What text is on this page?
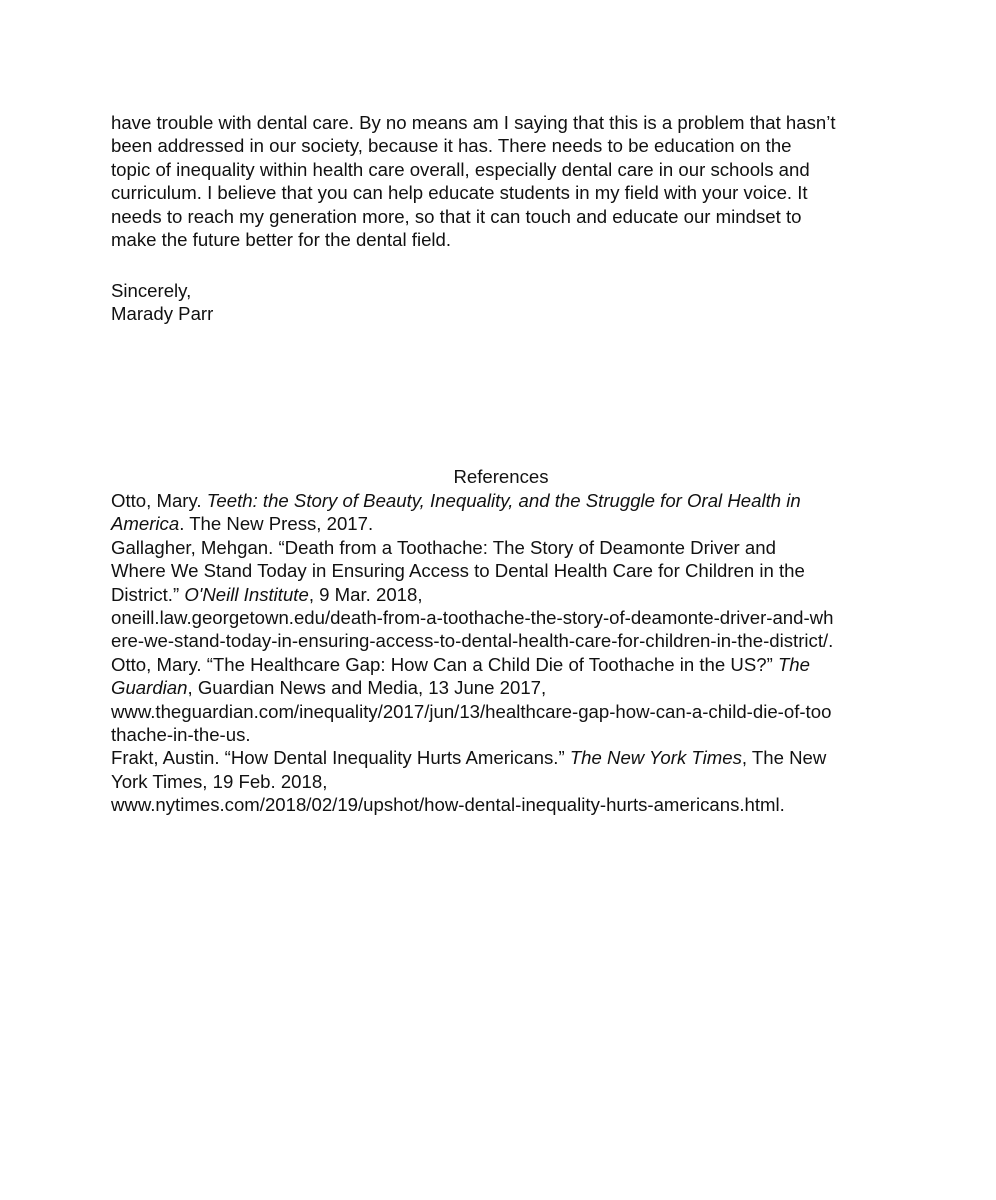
have trouble with dental care. By no means am I saying that this is a problem that hasn’t
been addressed in our society, because it has. There needs to be education on the
topic of inequality within health care overall, especially dental care in our schools and
curriculum. I believe that you can help educate students in my field with your voice. It
needs to reach my generation more, so that it can touch and educate our mindset to
make the future better for the dental field.
Sincerely,
Marady Parr
References
Otto, Mary. Teeth: the Story of Beauty, Inequality, and the Struggle for Oral Health in
America. The New Press, 2017.
Gallagher, Mehgan. “Death from a Toothache: The Story of Deamonte Driver and
Where We Stand Today in Ensuring Access to Dental Health Care for Children in the
District.” O'Neill Institute, 9 Mar. 2018,
oneill.law.georgetown.edu/death-from-a-toothache-the-story-of-deamonte-driver-and-wh
ere-we-stand-today-in-ensuring-access-to-dental-health-care-for-children-in-the-district/.
Otto, Mary. “The Healthcare Gap: How Can a Child Die of Toothache in the US?” The
Guardian, Guardian News and Media, 13 June 2017,
www.theguardian.com/inequality/2017/jun/13/healthcare-gap-how-can-a-child-die-of-too
thache-in-the-us.
Frakt, Austin. “How Dental Inequality Hurts Americans.” The New York Times, The New
York Times, 19 Feb. 2018,
www.nytimes.com/2018/02/19/upshot/how-dental-inequality-hurts-americans.html.
